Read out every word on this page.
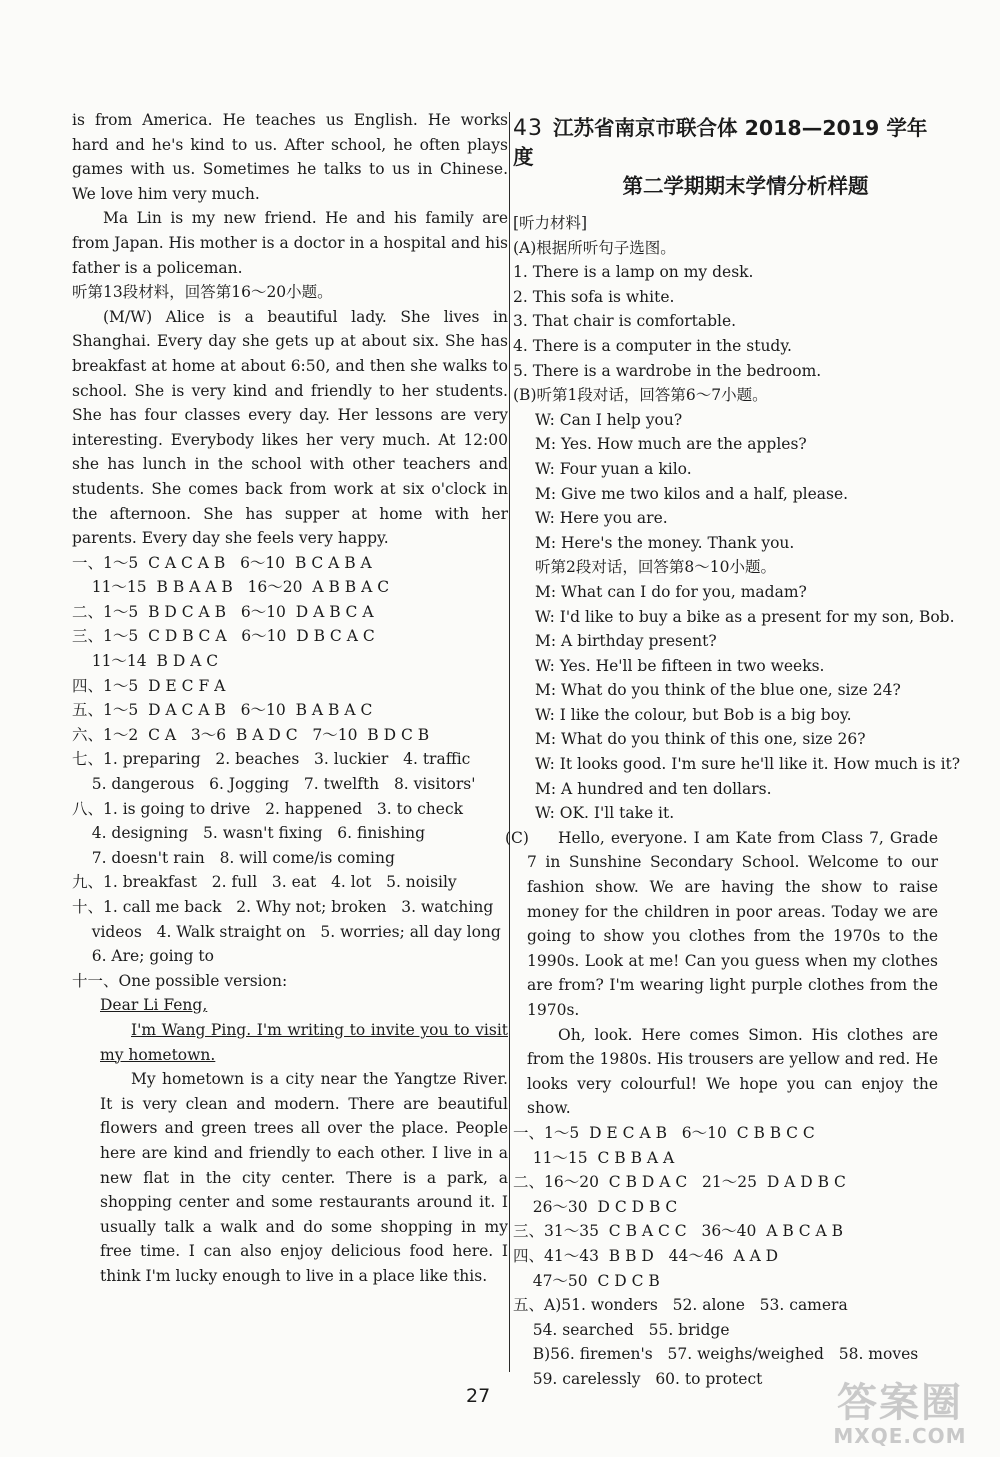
is from America. He teaches us English. He works hard and he's kind to us. After school, he often plays games with us. Sometimes he talks to us in Chinese. We love him very much.

Ma Lin is my new friend. He and his family are from Japan. His mother is a doctor in a hospital and his father is a policeman.

听第13段材料，回答第16～20小题。

(M/W) Alice is a beautiful lady. She lives in Shanghai. Every day she gets up at about six. She has breakfast at home at about 6:50, and then she walks to school. She is very kind and friendly to her students. She has four classes every day. Her lessons are very interesting. Everybody likes her very much. At 12:00 she has lunch in the school with other teachers and students. She comes back from work at six o'clock in the afternoon. She has supper at home with her parents. Every day she feels very happy.

一、1～5  C A C A B   6～10  B C A B A
11～15  B B A A B   16～20  A B B A C
二、1～5  B D C A B   6～10  D A B C A
三、1～5  C D B C A   6～10  D B C A C
11～14  B D A C
四、1～5  D E C F A
五、1～5  D A C A B   6～10  B A B A C
六、1～2  C A   3～6  B A D C   7～10  B D C B
七、1. preparing   2. beaches   3. luckier   4. traffic
5. dangerous   6. Jogging   7. twelfth   8. visitors'
八、1. is going to drive   2. happened   3. to check
4. designing   5. wasn't fixing   6. finishing
7. doesn't rain   8. will come/is coming
九、1. breakfast   2. full   3. eat   4. lot   5. noisily
十、1. call me back   2. Why not; broken   3. watching
videos   4. Walk straight on   5. worries; all day long
6. Are; going to
十一、One possible version:

Dear Li Feng,

I'm Wang Ping. I'm writing to invite you to visit my hometown.

My hometown is a city near the Yangtze River. It is very clean and modern. There are beautiful flowers and green trees all over the place. People here are kind and friendly to each other. I live in a new flat in the city center. There is a park, a shopping center and some restaurants around it. I usually talk a walk and do some shopping in my free time. I can also enjoy delicious food here. I think I'm lucky enough to live in a place like this.

43 江苏省南京市联合体 2018—2019 学年度
第二学期期末学情分析样题

[听力材料]

(A)根据所听句子选图。

1. There is a lamp on my desk.
2. This sofa is white.
3. That chair is comfortable.
4. There is a computer in the study.
5. There is a wardrobe in the bedroom.

(B)听第1段对话，回答第6～7小题。

W: Can I help you?
M: Yes. How much are the apples?
W: Four yuan a kilo.
M: Give me two kilos and a half, please.
W: Here you are.
M: Here's the money. Thank you.

听第2段对话，回答第8～10小题。

M: What can I do for you, madam?
W: I'd like to buy a bike as a present for my son, Bob.
M: A birthday present?
W: Yes. He'll be fifteen in two weeks.
M: What do you think of the blue one, size 24?
W: I like the colour, but Bob is a big boy.
M: What do you think of this one, size 26?
W: It looks good. I'm sure he'll like it. How much is it?
M: A hundred and ten dollars.
W: OK. I'll take it.
(C)	Hello, everyone. I am Kate from Class 7, Grade 7 in Sunshine Secondary School. Welcome to our fashion show. We are having the show to raise money for the children in poor areas. Today we are going to show you clothes from the 1970s to the 1990s. Look at me! Can you guess when my clothes are from? I'm wearing light purple clothes from the 1970s.

Oh, look. Here comes Simon. His clothes are from the 1980s. His trousers are yellow and red. He looks very colourful! We hope you can enjoy the show.

一、1～5  D E C A B   6～10  C B B C C
11～15  C B B A A
二、16～20  C B D A C   21～25  D A D B C
26～30  D C D B C
三、31～35  C B A C C   36～40  A B C A B
四、41～43  B B D   44～46  A A D
47～50  C D C B
五、A)51. wonders   52. alone   53. camera
54. searched   55. bridge
B)56. firemen's   57. weighs/weighed   58. moves
59. carelessly   60. to protect
27	答案圈
MXQE.COM
